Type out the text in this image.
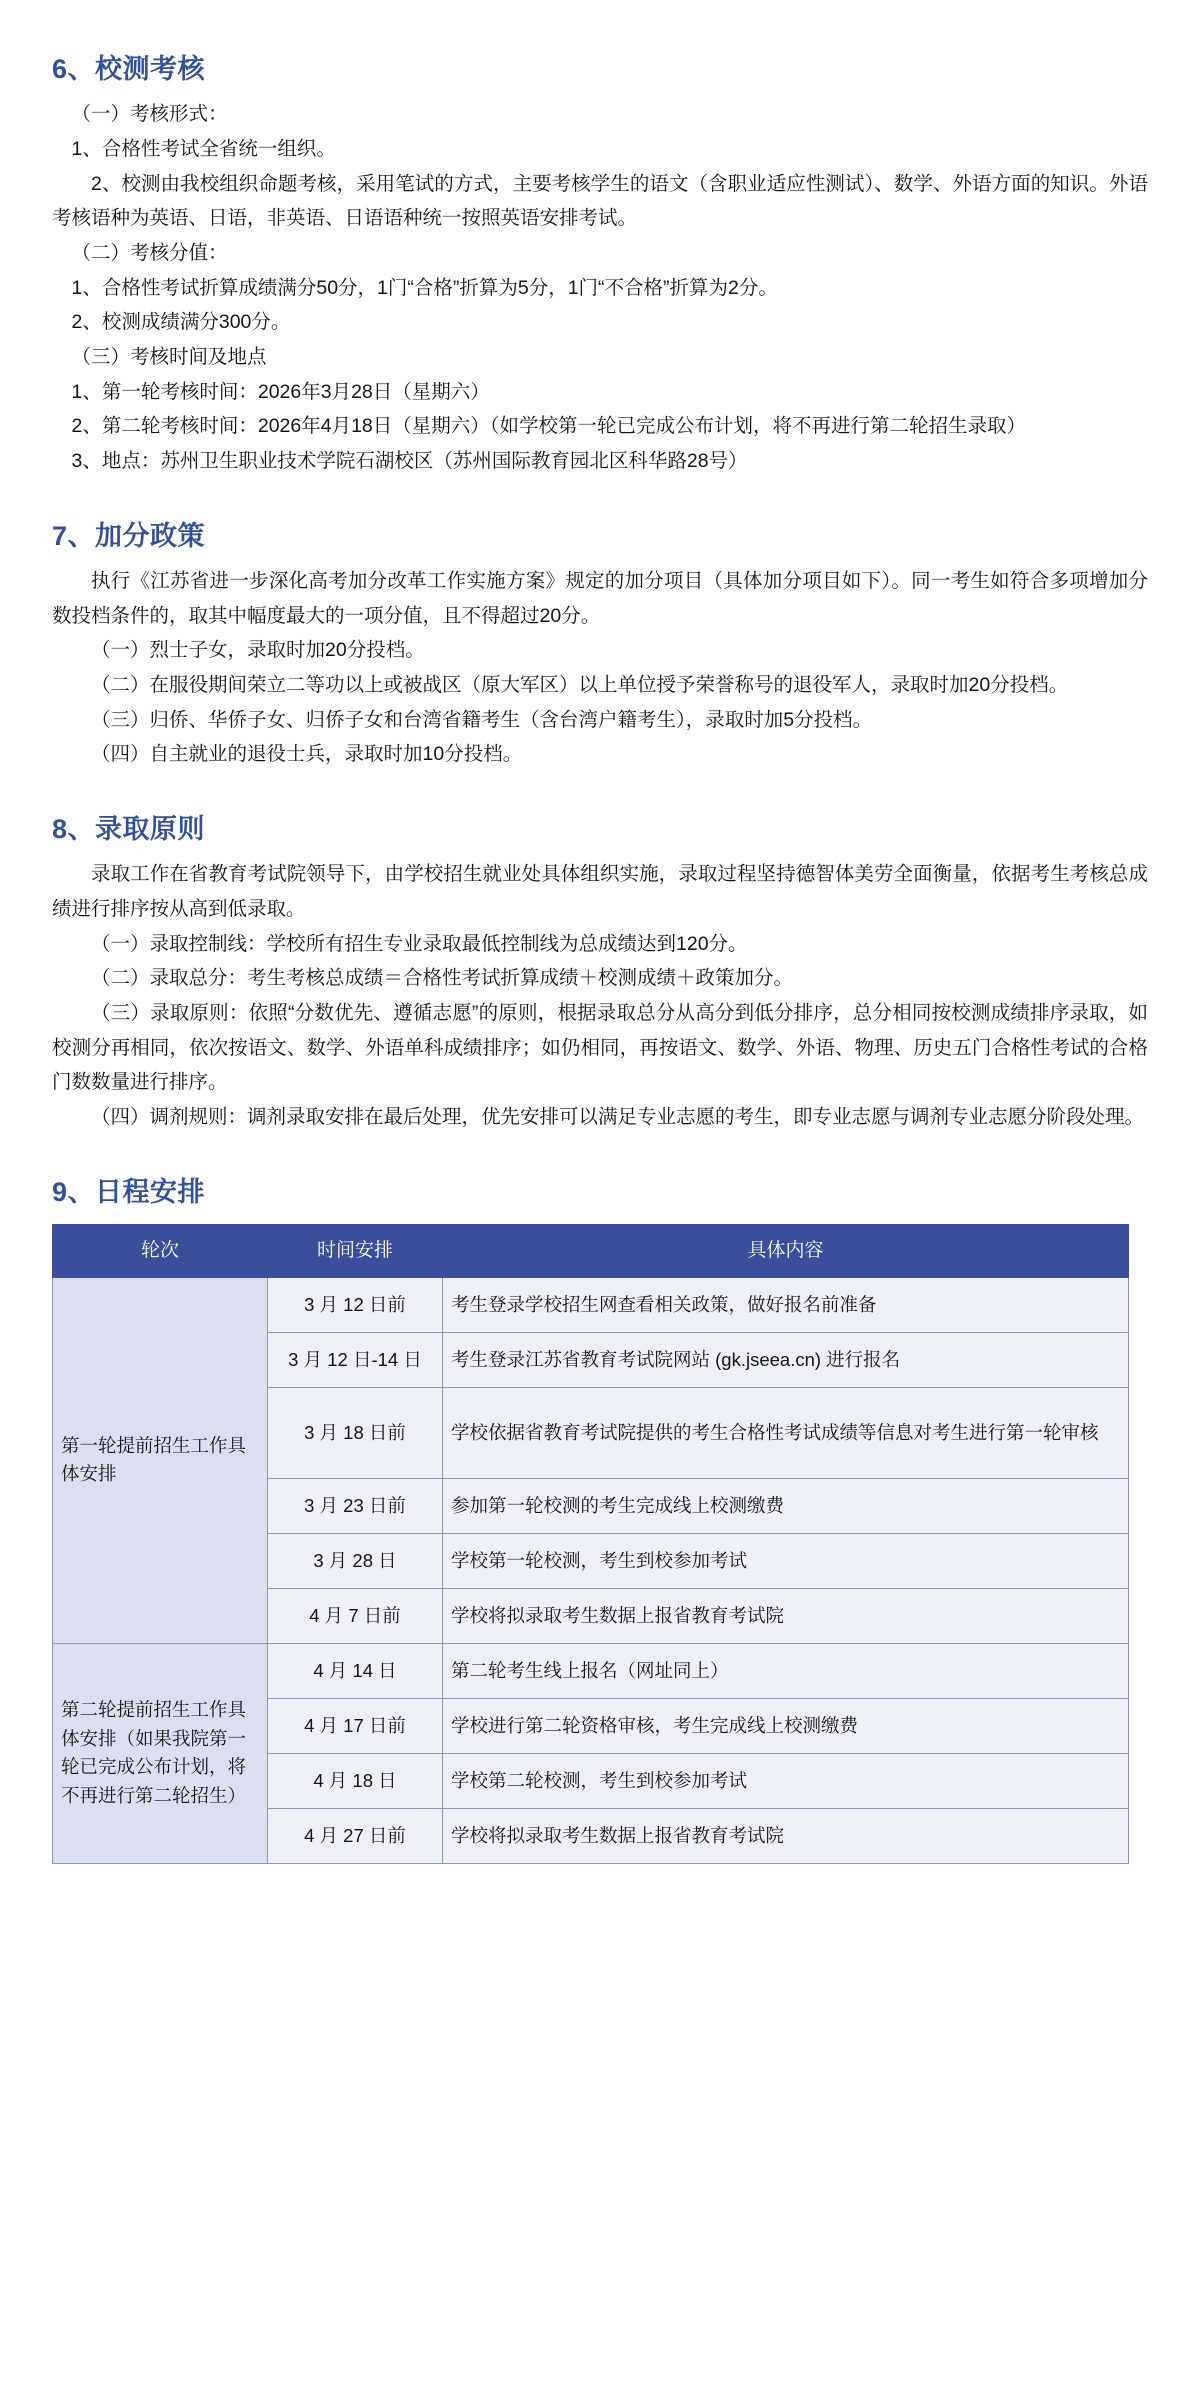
6、校测考核

（一）考核形式：

1、合格性考试全省统一组织。

2、校测由我校组织命题考核，采用笔试的方式，主要考核学生的语文（含职业适应性测试）、数学、外语方面的知识。外语考核语种为英语、日语，非英语、日语语种统一按照英语安排考试。

（二）考核分值：

1、合格性考试折算成绩满分50分，1门“合格”折算为5分，1门“不合格”折算为2分。

2、校测成绩满分300分。

（三）考核时间及地点

1、第一轮考核时间：2026年3月28日（星期六）

2、第二轮考核时间：2026年4月18日（星期六）（如学校第一轮已完成公布计划，将不再进行第二轮招生录取）

3、地点：苏州卫生职业技术学院石湖校区（苏州国际教育园北区科华路28号）

7、加分政策

执行《江苏省进一步深化高考加分改革工作实施方案》规定的加分项目（具体加分项目如下）。同一考生如符合多项增加分数投档条件的，取其中幅度最大的一项分值，且不得超过20分。

（一）烈士子女，录取时加20分投档。

（二）在服役期间荣立二等功以上或被战区（原大军区）以上单位授予荣誉称号的退役军人，录取时加20分投档。

（三）归侨、华侨子女、归侨子女和台湾省籍考生（含台湾户籍考生），录取时加5分投档。

（四）自主就业的退役士兵，录取时加10分投档。

8、录取原则

录取工作在省教育考试院领导下，由学校招生就业处具体组织实施，录取过程坚持德智体美劳全面衡量，依据考生考核总成绩进行排序按从高到低录取。

（一）录取控制线：学校所有招生专业录取最低控制线为总成绩达到120分。

（二）录取总分：考生考核总成绩＝合格性考试折算成绩＋校测成绩＋政策加分。

（三）录取原则：依照“分数优先、遵循志愿”的原则，根据录取总分从高分到低分排序，总分相同按校测成绩排序录取，如校测分再相同，依次按语文、数学、外语单科成绩排序；如仍相同，再按语文、数学、外语、物理、历史五门合格性考试的合格门数数量进行排序。

（四）调剂规则：调剂录取安排在最后处理，优先安排可以满足专业志愿的考生，即专业志愿与调剂专业志愿分阶段处理。

9、日程安排
轮次	时间安排	具体内容
第一轮提前招生工作具体安排	3 月 12 日前	考生登录学校招生网查看相关政策，做好报名前准备
	3 月 12 日-14 日	考生登录江苏省教育考试院网站 (gk.jseea.cn) 进行报名
	3 月 18 日前	学校依据省教育考试院提供的考生合格性考试成绩等信息对考生进行第一轮审核
	3 月 23 日前	参加第一轮校测的考生完成线上校测缴费
	3 月 28 日	学校第一轮校测，考生到校参加考试
	4 月 7 日前	学校将拟录取考生数据上报省教育考试院
第二轮提前招生工作具体安排（如果我院第一轮已完成公布计划，将不再进行第二轮招生）	4 月 14 日	第二轮考生线上报名（网址同上）
	4 月 17 日前	学校进行第二轮资格审核，考生完成线上校测缴费
	4 月 18 日	学校第二轮校测，考生到校参加考试
	4 月 27 日前	学校将拟录取考生数据上报省教育考试院
